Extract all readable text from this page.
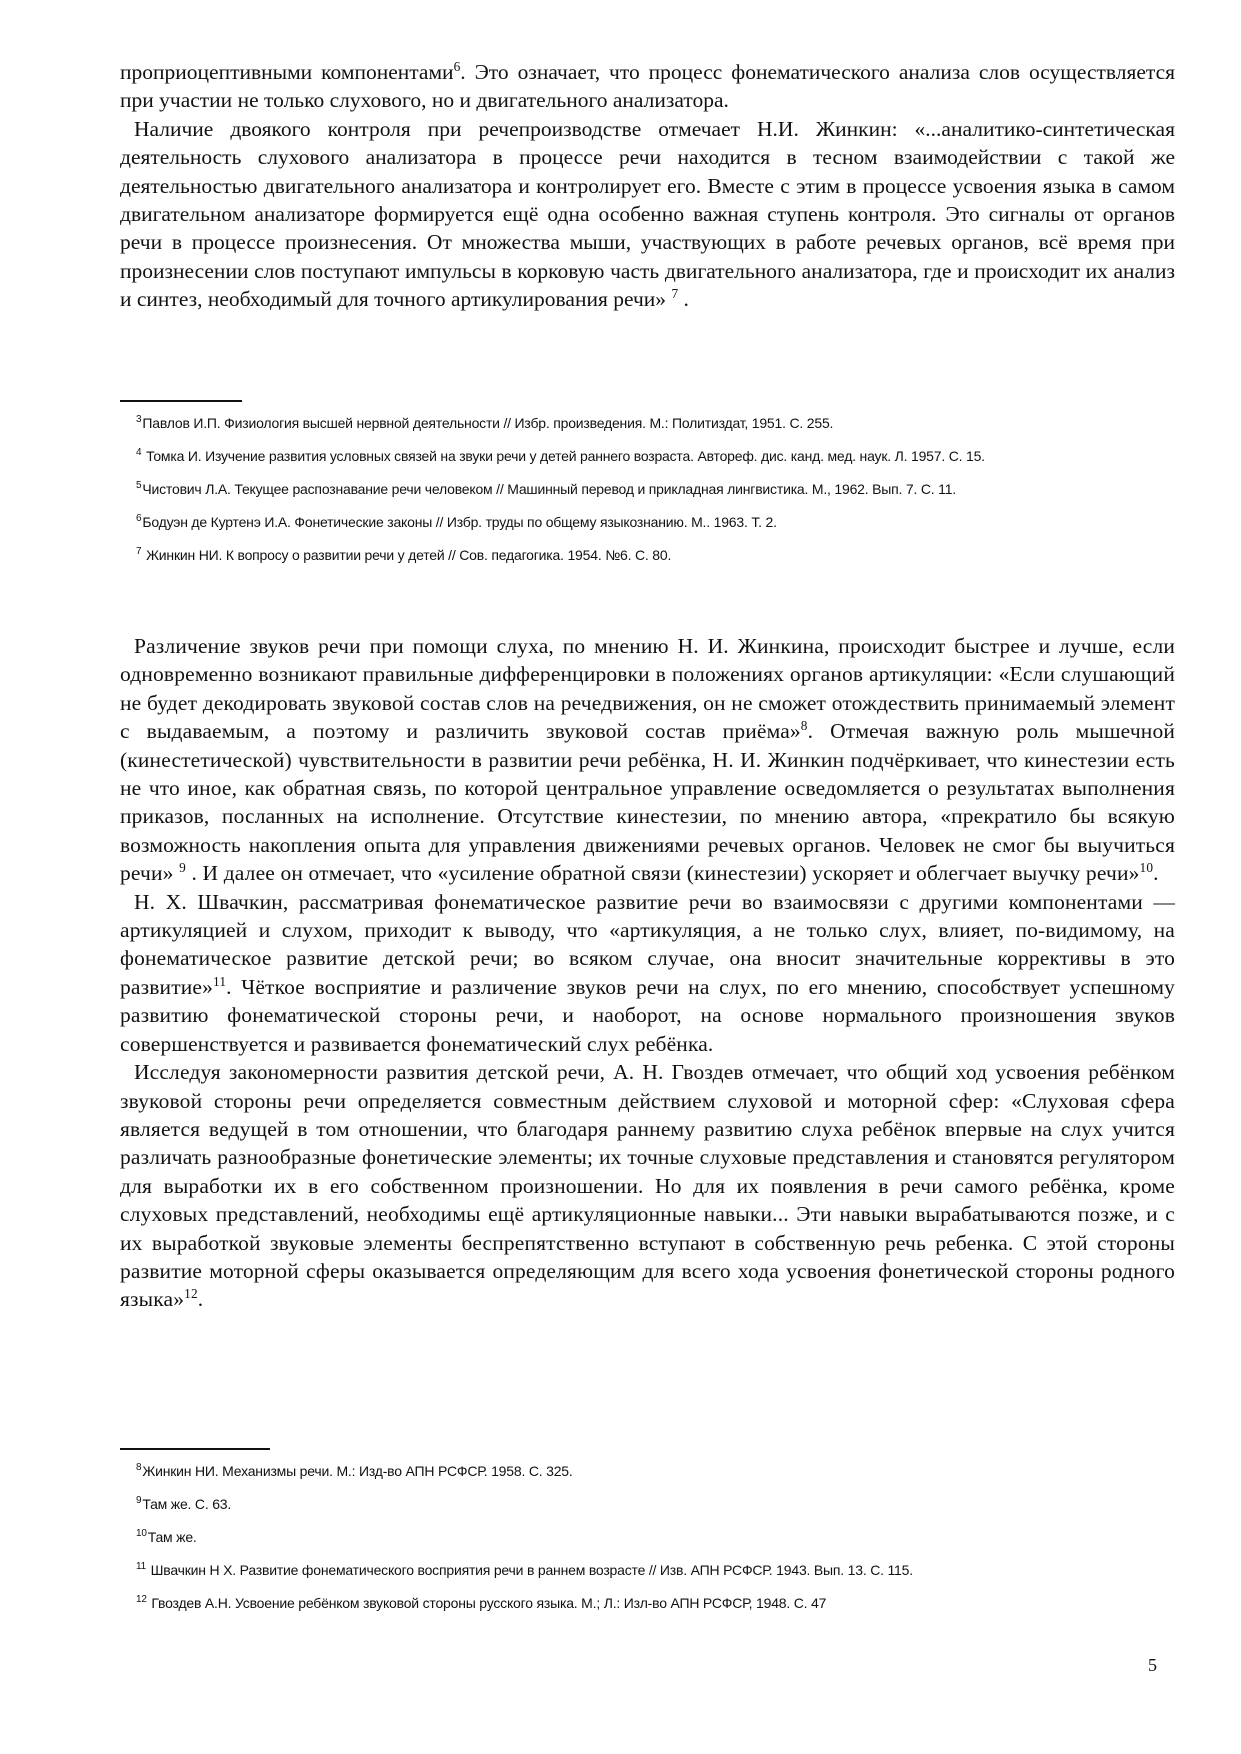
проприоцептивными компонентами$^6$. Это означает, что процесс фонематического анализа слов осуществляется при участии не только слухового, но и двигательного анализатора.

Наличие двоякого контроля при речепроизводстве отмечает Н.И. Жинкин: «...аналитико-синтетическая деятельность слухового анализатора в процессе речи находится в тесном взаимодействии с такой же деятельностью двигательного анализатора и контролирует его. Вместе с этим в процессе усвоения языка в самом двигательном анализаторе формируется ещё одна особенно важная ступень контроля. Это сигналы от органов речи в процессе произнесения. От множества мыши, участвующих в работе речевых органов, всё время при произнесении слов поступают импульсы в корковую часть двигательного анализатора, где и происходит их анализ и синтез, необходимый для точного артикулирования речи» $^7$ .

$^3$Павлов И.П. Физиология высшей нервной деятельности // Избр. произведения. М.: Политиздат, 1951. С. 255.

$^4$ Томка И. Изучение развития условных связей на звуки речи у детей раннего возраста. Автореф. дис. канд. мед. наук. Л. 1957. С. 15.

$^5$Чистович Л.А. Текущее распознавание речи человеком // Машинный перевод и прикладная лингвистика. М., 1962. Вып. 7. С. 11.

$^6$Бодуэн де Куртенэ И.А. Фонетические законы // Избр. труды по общему языкознанию. М.. 1963. Т. 2.

$^7$ Жинкин НИ. К вопросу о развитии речи у детей // Сов. педагогика. 1954. №6. С. 80.

Различение звуков речи при помощи слуха, по мнению Н. И. Жинкина, происходит быстрее и лучше, если одновременно возникают правильные дифференцировки в положениях органов артикуляции: «Если слушающий не будет декодировать звуковой состав слов на речедвижения, он не сможет отождествить принимаемый элемент с выдаваемым, а поэтому и различить звуковой состав приёма»$^8$. Отмечая важную роль мышечной (кинестетической) чувствительности в развитии речи ребёнка, Н. И. Жинкин подчёркивает, что кинестезии есть не что иное, как обратная связь, по которой центральное управление осведомляется о результатах выполнения приказов, посланных на исполнение. Отсутствие кинестезии, по мнению автора, «прекратило бы всякую возможность накопления опыта для управления движениями речевых органов. Человек не смог бы выучиться речи» $^9$ . И далее он отмечает, что «усиление обратной связи (кинестезии) ускоряет и облегчает выучку речи»$^{10}$.

Н. Х. Швачкин, рассматривая фонематическое развитие речи во взаимосвязи с другими компонентами — артикуляцией и слухом, приходит к выводу, что «артикуляция, а не только слух, влияет, по-видимому, на фонематическое развитие детской речи; во всяком случае, она вносит значительные коррективы в это развитие»$^{11}$. Чёткое восприятие и различение звуков речи на слух, по его мнению, способствует успешному развитию фонематической стороны речи, и наоборот, на основе нормального произношения звуков совершенствуется и развивается фонематический слух ребёнка.

Исследуя закономерности развития детской речи, А. Н. Гвоздев отмечает, что общий ход усвоения ребёнком звуковой стороны речи определяется совместным действием слуховой и моторной сфер: «Слуховая сфера является ведущей в том отношении, что благодаря раннему развитию слуха ребёнок впервые на слух учится различать разнообразные фонетические элементы; их точные слуховые представления и становятся регулятором для выработки их в его собственном произношении. Но для их появления в речи самого ребёнка, кроме слуховых представлений, необходимы ещё артикуляционные навыки... Эти навыки вырабатываются позже, и с их выработкой звуковые элементы беспрепятственно вступают в собственную речь ребенка. С этой стороны развитие моторной сферы оказывается определяющим для всего хода усвоения фонетической стороны родного языка»$^{12}$.

$^8$Жинкин НИ. Механизмы речи. М.: Изд-во АПН РСФСР. 1958. С. 325.

$^9$Там же. С. 63.

$^{10}$Там же.

$^{11}$ Швачкин Н Х. Развитие фонематического восприятия речи в раннем возрасте // Изв. АПН РСФСР. 1943. Вып. 13. С. 115.

$^{12}$ Гвоздев А.Н. Усвоение ребёнком звуковой стороны русского языка. М.; Л.: Изл-во АПН РСФСР, 1948. С. 47

5
